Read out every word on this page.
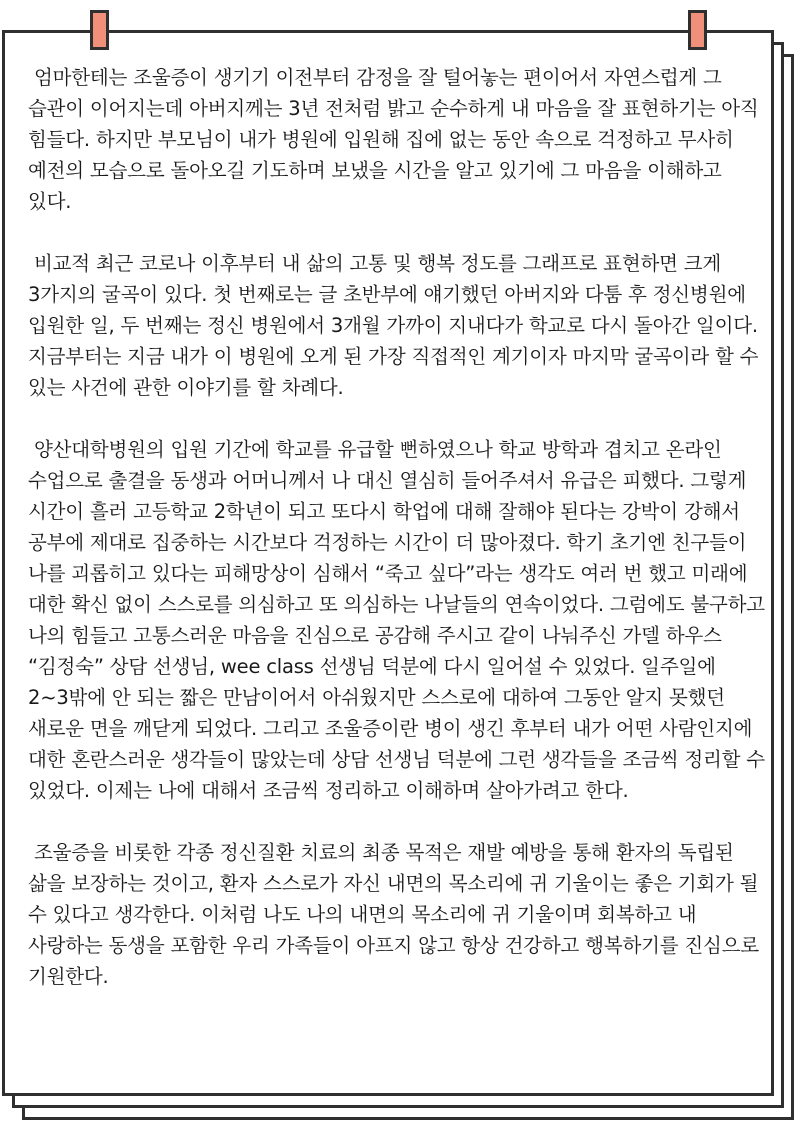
엄마한테는 조울증이 생기기 이전부터 감정을 잘 털어놓는 편이어서 자연스럽게 그 습관이 이어지는데 아버지께는 3년 전처럼 밝고 순수하게 내 마음을 잘 표현하기는 아직 힘들다. 하지만 부모님이 내가 병원에 입원해 집에 없는 동안 속으로 걱정하고 무사히 예전의 모습으로 돌아오길 기도하며 보냈을 시간을 알고 있기에 그 마음을 이해하고 있다.

비교적 최근 코로나 이후부터 내 삶의 고통 및 행복 정도를 그래프로 표현하면 크게 3가지의 굴곡이 있다. 첫 번째로는 글 초반부에 얘기했던 아버지와 다툼 후 정신병원에 입원한 일, 두 번째는 정신 병원에서 3개월 가까이 지내다가 학교로 다시 돌아간 일이다. 지금부터는 지금 내가 이 병원에 오게 된 가장 직접적인 계기이자 마지막 굴곡이라 할 수 있는 사건에 관한 이야기를 할 차례다.

양산대학병원의 입원 기간에 학교를 유급할 뻔하였으나 학교 방학과 겹치고 온라인 수업으로 출결을 동생과 어머니께서 나 대신 열심히 들어주셔서 유급은 피했다. 그렇게 시간이 흘러 고등학교 2학년이 되고 또다시 학업에 대해 잘해야 된다는 강박이 강해서 공부에 제대로 집중하는 시간보다 걱정하는 시간이 더 많아졌다. 학기 초기엔 친구들이 나를 괴롭히고 있다는 피해망상이 심해서 “죽고 싶다”라는 생각도 여러 번 했고 미래에 대한 확신 없이 스스로를 의심하고 또 의심하는 나날들의 연속이었다. 그럼에도 불구하고 나의 힘들고 고통스러운 마음을 진심으로 공감해 주시고 같이 나눠주신 가델 하우스 “김정숙” 상담 선생님, wee class 선생님 덕분에 다시 일어설 수 있었다. 일주일에 2~3밖에 안 되는 짧은 만남이어서 아쉬웠지만 스스로에 대하여 그동안 알지 못했던 새로운 면을 깨닫게 되었다. 그리고 조울증이란 병이 생긴 후부터 내가 어떤 사람인지에 대한 혼란스러운 생각들이 많았는데 상담 선생님 덕분에 그런 생각들을 조금씩 정리할 수 있었다. 이제는 나에 대해서 조금씩 정리하고 이해하며 살아가려고 한다.

조울증을 비롯한 각종 정신질환 치료의 최종 목적은 재발 예방을 통해 환자의 독립된 삶을 보장하는 것이고, 환자 스스로가 자신 내면의 목소리에 귀 기울이는 좋은 기회가 될 수 있다고 생각한다. 이처럼 나도 나의 내면의 목소리에 귀 기울이며 회복하고 내 사랑하는 동생을 포함한 우리 가족들이 아프지 않고 항상 건강하고 행복하기를 진심으로 기원한다.
